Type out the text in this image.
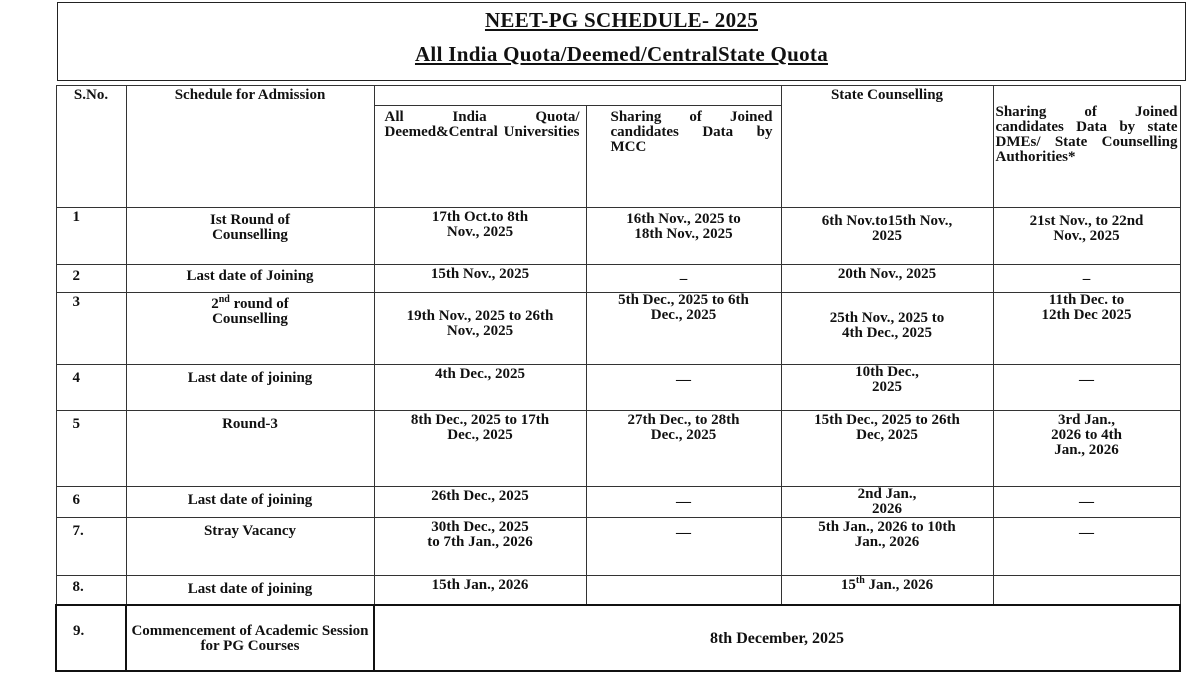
NEET-PG SCHEDULE- 2025
All India Quota/Deemed/CentralState Quota
S.No.	Schedule for Admission			State Counselling	
		All India Quota/ Deemed&Central Universities	Sharing of Joined candidates Data by MCC		Sharing of Joined candidates Data by state DMEs/ State Counselling Authorities*
1	Ist Round of Counselling	17th Oct.to 8th Nov., 2025	16th Nov., 2025 to 18th Nov., 2025	6th Nov.to15th Nov., 2025	21st Nov., to 22nd Nov., 2025
2	Last date of Joining	15th Nov., 2025	_	20th Nov., 2025	_
3	2nd round of Counselling	19th Nov., 2025 to 26th Nov., 2025	5th Dec., 2025 to 6th Dec., 2025	25th Nov., 2025 to 4th Dec., 2025	11th Dec. to 12th Dec 2025
4	Last date of joining	4th Dec., 2025	—	10th Dec., 2025	—
5	Round-3	8th Dec., 2025 to 17th Dec., 2025	27th Dec., to 28th Dec., 2025	15th Dec., 2025 to 26th Dec, 2025	3rd Jan., 2026 to 4th Jan., 2026
6	Last date of joining	26th Dec., 2025	—	2nd Jan., 2026	—
7.	Stray Vacancy	30th Dec., 2025 to 7th Jan., 2026	—	5th Jan., 2026 to 10th Jan., 2026	—
8.	Last date of joining	15th Jan., 2026		15th Jan., 2026	
9.	Commencement of Academic Session for PG Courses	8th December, 2025			
